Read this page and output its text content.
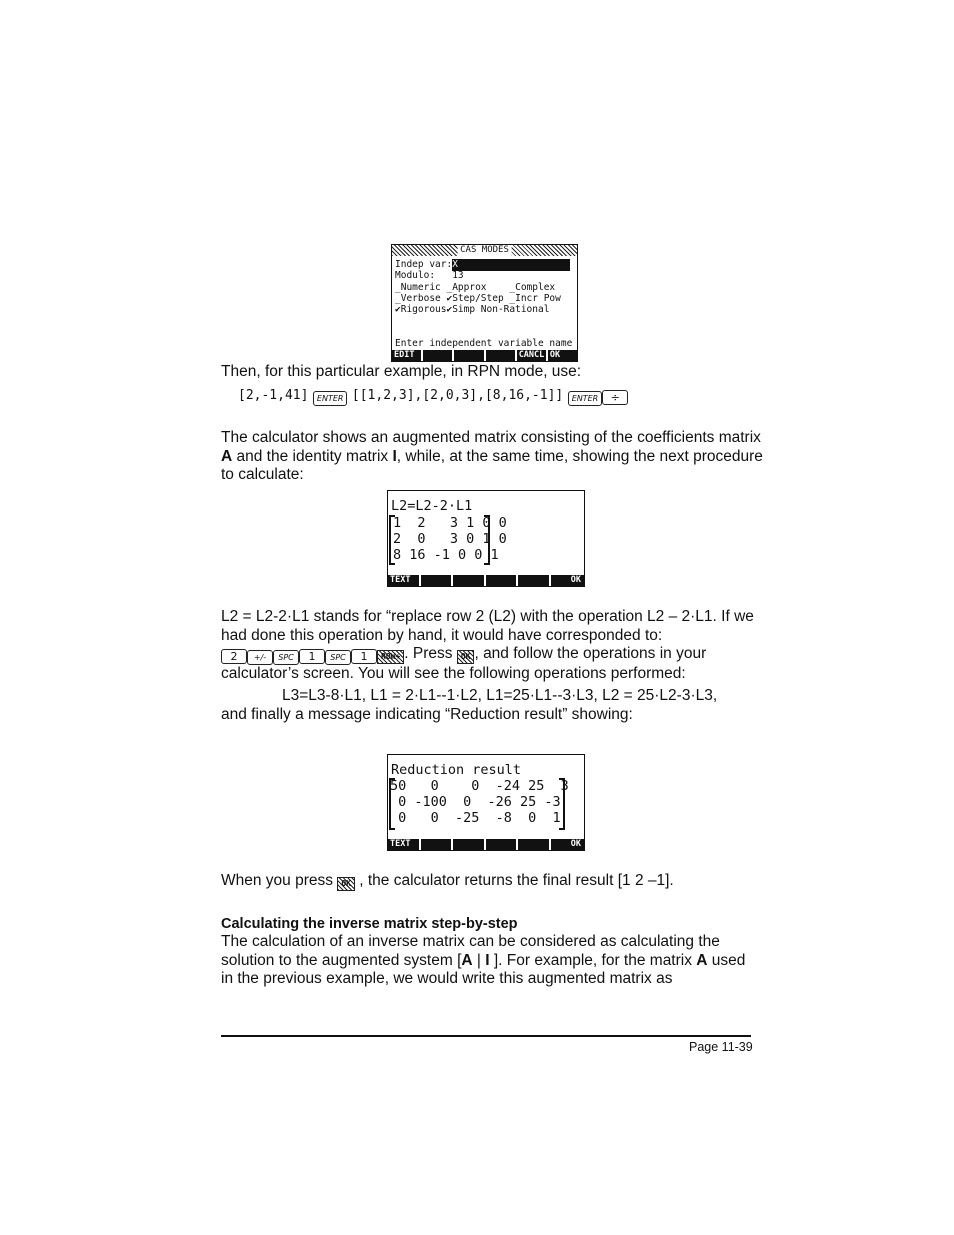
CAS MODES
Indep var:X
Modulo:   13
_Numeric _Approx    _Complex
_Verbose ✔Step/Step _Incr Pow
✔Rigorous✔Simp Non-Rational
Enter independent variable name
EDIT	CANCL OK
Then, for this particular example, in RPN mode, use:
[2,-1,41] ENTER [[1,2,3],[2,0,3],[8,16,-1]] ENTER ÷
The calculator shows an augmented matrix consisting of the coefficients matrix
A and the identity matrix I, while, at the same time, showing the next procedure
to calculate:
L2=L2-2·L1
1  2   3 1 0 0
2  0   3 0 1 0
8 16 -1 0 0 1
TEXT	OK
L2 = L2-2·L1 stands for “replace row 2 (L2) with the operation L2 – 2·L1. If we
had done this operation by hand, it would have corresponded to:
2 +/- SPC 1 SPC 1 ROW+ . Press OK , and follow the operations in your
calculator’s screen. You will see the following operations performed:
L3=L3-8·L1, L1 = 2·L1--1·L2, L1=25·L1--3·L3, L2 = 25·L2-3·L3,
and finally a message indicating “Reduction result” showing:
Reduction result
50   0    0  -24 25  3
0 -100  0  -26 25 -3
0   0  -25  -8  0  1
TEXT	OK
When you press OK , the calculator returns the final result [1 2 –1].
Calculating the inverse matrix step-by-step
The calculation of an inverse matrix can be considered as calculating the
solution to the augmented system [A | I ]. For example, for the matrix A used
in the previous example, we would write this augmented matrix as
Page 11-39
